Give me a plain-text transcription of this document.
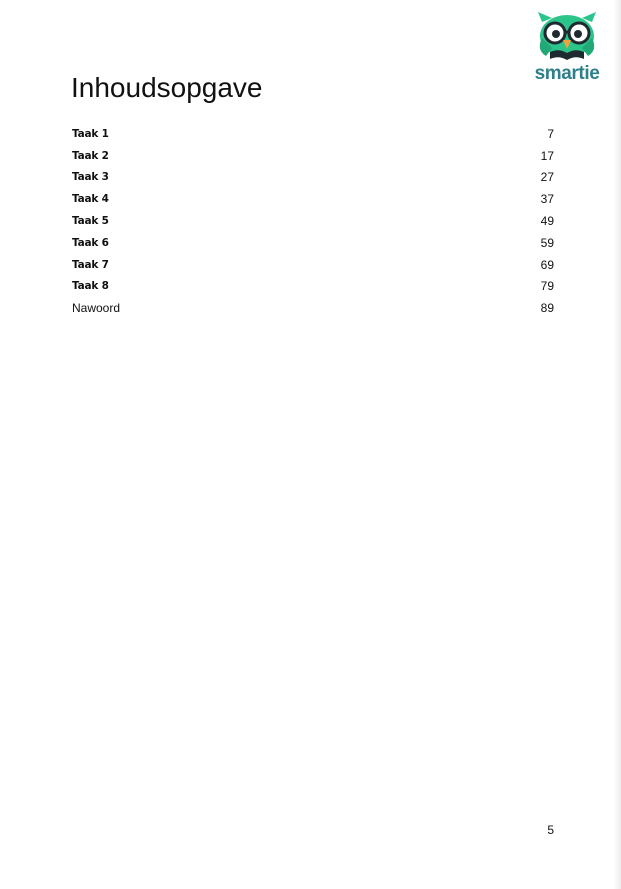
smartie
Inhoudsopgave
Taak 1	7
Taak 2	17
Taak 3	27
Taak 4	37
Taak 5	49
Taak 6	59
Taak 7	69
Taak 8	79
Nawoord	89
5
